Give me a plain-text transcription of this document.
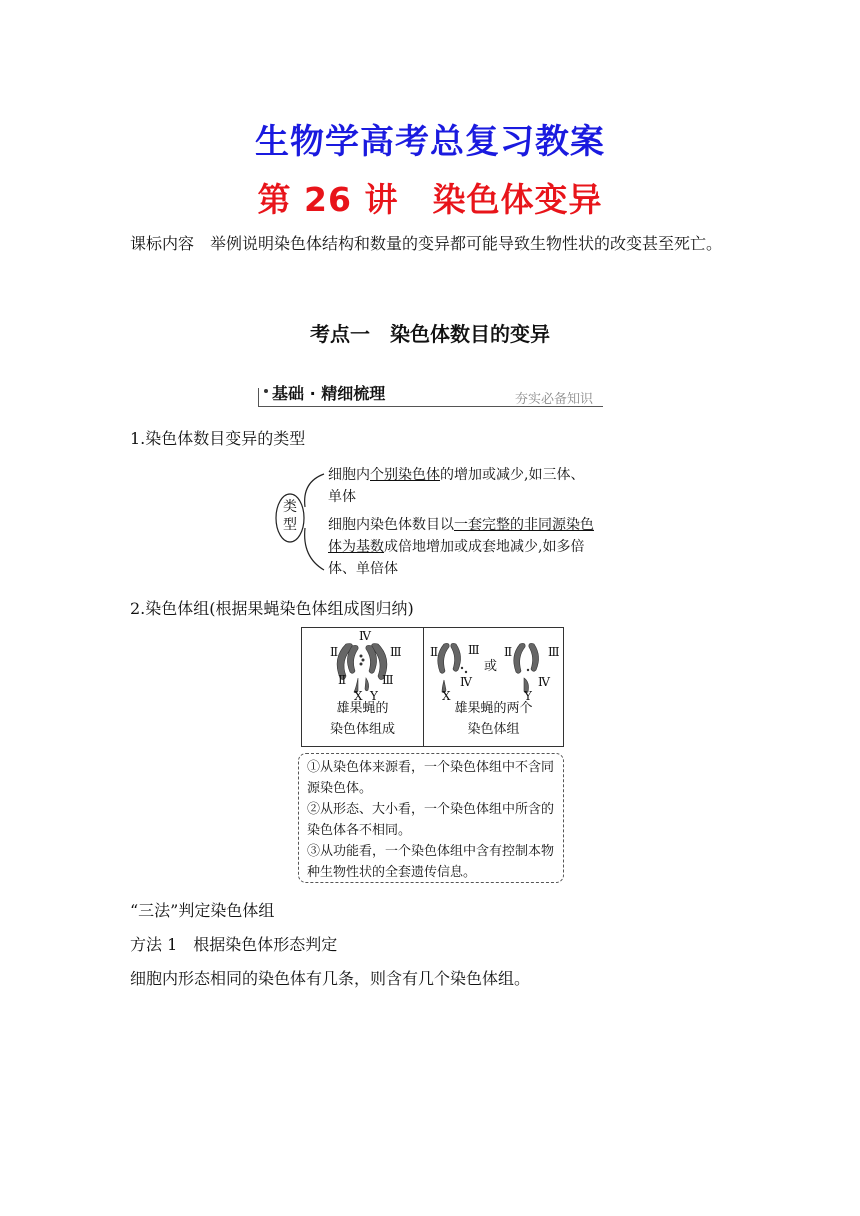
生物学高考总复习教案
第 26 讲　染色体变异
课标内容　举例说明染色体结构和数量的变异都可能导致生物性状的改变甚至死亡。
考点一　染色体数目的变异
基础 · 精细梳理	夯实必备知识
1.染色体数目变异的类型
类型
细胞内个别染色体的增加或减少,如三体、单体
细胞内染色体数目以一套完整的非同源染色体为基数成倍地增加或成套地减少,如多倍体、单倍体
2.染色体组(根据果蝇染色体组成图归纳)
Ⅳ
Ⅱ	Ⅲ
Ⅱ	Ⅲ
X Y
雄果蝇的
染色体组成
Ⅱ Ⅲ
Ⅳ
X
Ⅱ	Ⅲ
Ⅳ
Y
或
雄果蝇的两个
染色体组
①从染色体来源看，一个染色体组中不含同源染色体。
②从形态、大小看，一个染色体组中所含的染色体各不相同。
③从功能看，一个染色体组中含有控制本物种生物性状的全套遗传信息。
“三法”判定染色体组
方法 1　根据染色体形态判定
细胞内形态相同的染色体有几条，则含有几个染色体组。
